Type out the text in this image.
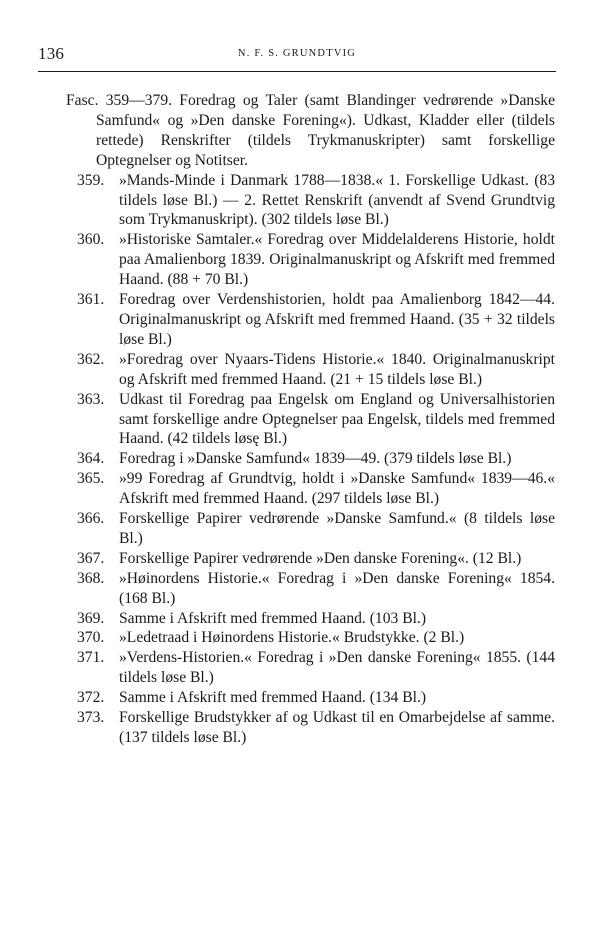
136	N. F. S. GRUNDTVIG

Fasc. 359—379. Foredrag og Taler (samt Blandinger vedrørende »Danske Samfund« og »Den danske Forening«). Udkast, Kladder eller (tildels rettede) Renskrifter (tildels Trykmanuskripter) samt forskellige Optegnelser og Notitser.

359. »Mands-Minde i Danmark 1788—1838.« 1. Forskellige Udkast. (83 tildels løse Bl.) — 2. Rettet Renskrift (anvendt af Svend Grundtvig som Trykmanuskript). (302 tildels løse Bl.)
360. »Historiske Samtaler.« Foredrag over Middelalderens Historie, holdt paa Amalienborg 1839. Originalmanuskript og Afskrift med fremmed Haand. (88 + 70 Bl.)
361. Foredrag over Verdenshistorien, holdt paa Amalienborg 1842—44. Originalmanuskript og Afskrift med fremmed Haand. (35 + 32 tildels løse Bl.)
362. »Foredrag over Nyaars-Tidens Historie.« 1840. Originalmanuskript og Afskrift med fremmed Haand. (21 + 15 tildels løse Bl.)
363. Udkast til Foredrag paa Engelsk om England og Universalhistorien samt forskellige andre Optegnelser paa Engelsk, tildels med fremmed Haand. (42 tildels løsę Bl.)
364. Foredrag i »Danske Samfund« 1839—49. (379 tildels løse Bl.)
365. »99 Foredrag af Grundtvig, holdt i »Danske Samfund« 1839—46.« Afskrift med fremmed Haand. (297 tildels løse Bl.)
366. Forskellige Papirer vedrørende »Danske Samfund.« (8 tildels løse Bl.)
367. Forskellige Papirer vedrørende »Den danske Forening«. (12 Bl.)
368. »Høinordens Historie.« Foredrag i »Den danske Forening« 1854. (168 Bl.)
369. Samme i Afskrift med fremmed Haand. (103 Bl.)
370. »Ledetraad i Høinordens Historie.« Brudstykke. (2 Bl.)
371. »Verdens-Historien.« Foredrag i »Den danske Forening« 1855. (144 tildels løse Bl.)
372. Samme i Afskrift med fremmed Haand. (134 Bl.)
373. Forskellige Brudstykker af og Udkast til en Omarbejdelse af samme. (137 tildels løse Bl.)
